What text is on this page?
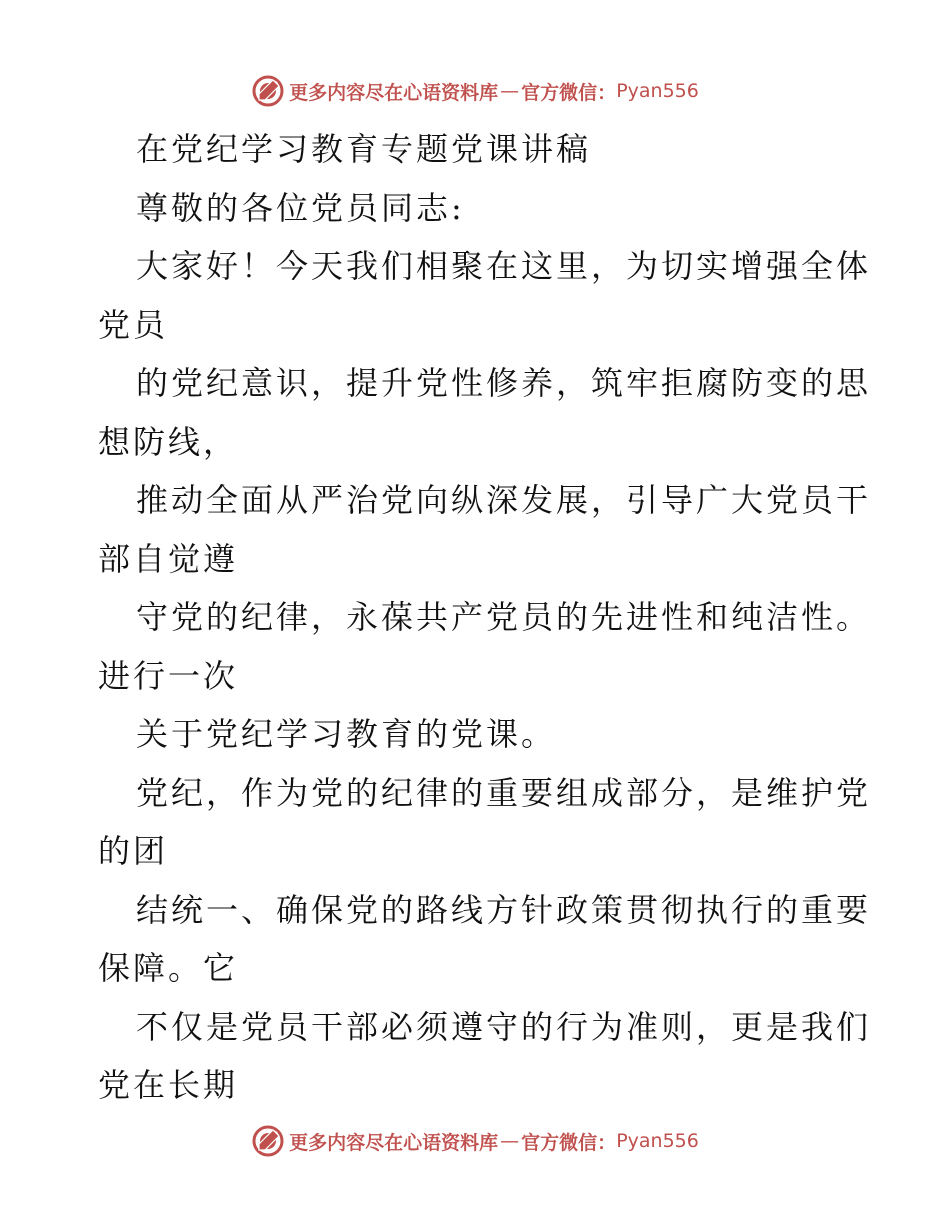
更多内容尽在心语资料库 — 官方微信： Pyan556
在党纪学习教育专题党课讲稿
尊敬的各位党员同志:
大家好！今天我们相聚在这里，为切实增强全体
党员
的党纪意识，提升党性修养，筑牢拒腐防变的思
想防线，
推动全面从严治党向纵深发展，引导广大党员干
部自觉遵
守党的纪律，永葆共产党员的先进性和纯洁性。
进行一次
关于党纪学习教育的党课。
党纪，作为党的纪律的重要组成部分，是维护党
的团
结统一、确保党的路线方针政策贯彻执行的重要
保障。它
不仅是党员干部必须遵守的行为准则，更是我们
党在长期
更多内容尽在心语资料库 — 官方微信： Pyan556
